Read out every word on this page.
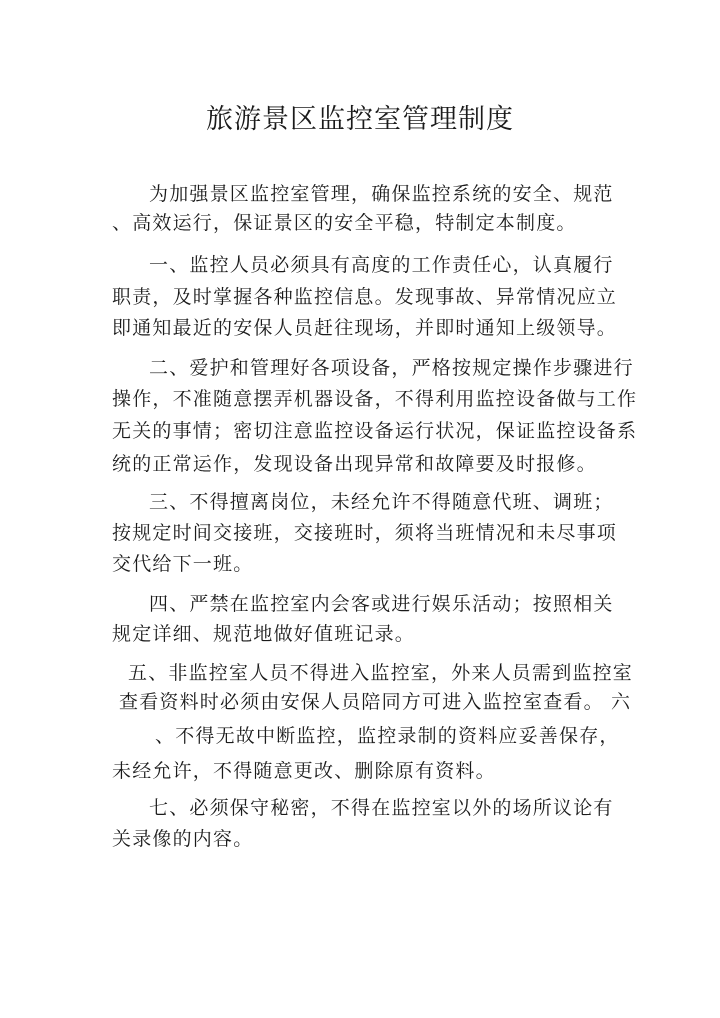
旅游景区监控室管理制度
为加强景区监控室管理，确保监控系统的安全、规范
、高效运行，保证景区的安全平稳，特制定本制度。
一、监控人员必须具有高度的工作责任心，认真履行
职责，及时掌握各种监控信息。发现事故、异常情况应立
即通知最近的安保人员赶往现场，并即时通知上级领导。
二、爱护和管理好各项设备，严格按规定操作步骤进行
操作，不准随意摆弄机器设备，不得利用监控设备做与工作
无关的事情；密切注意监控设备运行状况，保证监控设备系
统的正常运作，发现设备出现异常和故障要及时报修。
三、不得擅离岗位，未经允许不得随意代班、调班；
按规定时间交接班，交接班时，须将当班情况和未尽事项
交代给下一班。
四、严禁在监控室内会客或进行娱乐活动；按照相关
规定详细、规范地做好值班记录。
五、非监控室人员不得进入监控室，外来人员需到监控室
查看资料时必须由安保人员陪同方可进入监控室查看。 六
、不得无故中断监控，监控录制的资料应妥善保存，
未经允许，不得随意更改、删除原有资料。
七、必须保守秘密，不得在监控室以外的场所议论有
关录像的内容。
